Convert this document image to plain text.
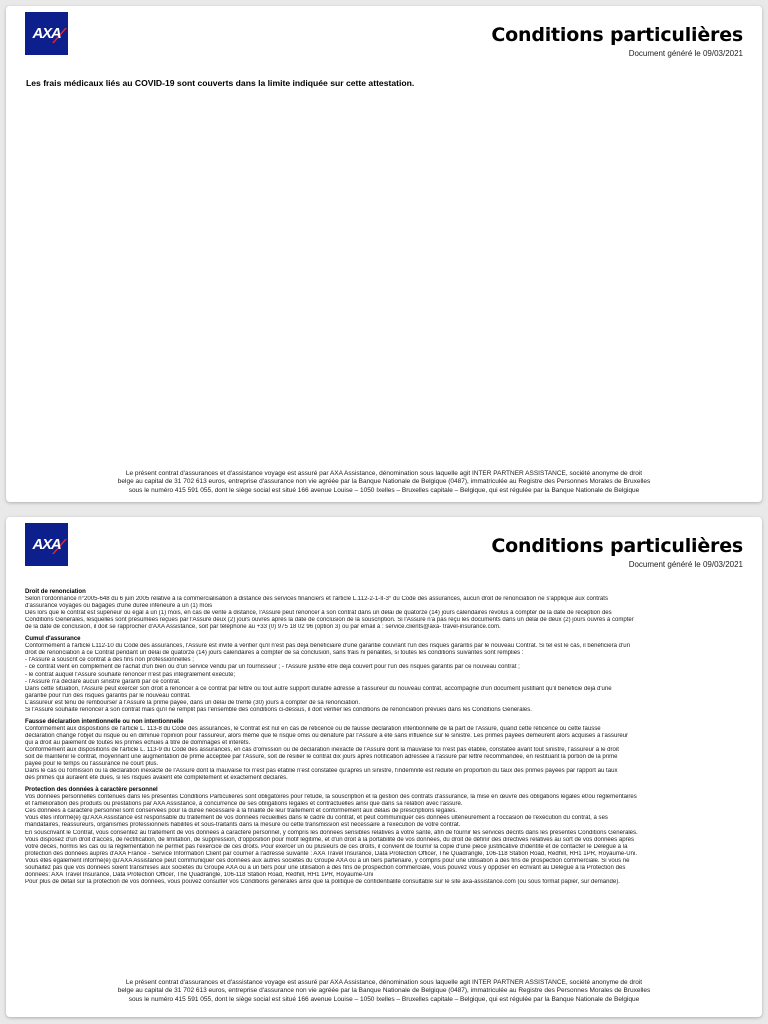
AXA	Conditions particulières
Document généré le 09/03/2021
Les frais médicaux liés au COVID-19 sont couverts dans la limite indiquée sur cette attestation.
Le présent contrat d'assurances et d'assistance voyage est assuré par AXA Assistance, dénomination sous laquelle agit INTER PARTNER ASSISTANCE, société anonyme de droit
belge au capital de 31 702 613 euros, entreprise d'assurance non vie agréée par la Banque Nationale de Belgique (0487), immatriculée au Registre des Personnes Morales de Bruxelles
sous le numéro 415 591 055, dont le siège social est situé 166 avenue Louise – 1050 Ixelles – Bruxelles capitale – Belgique, qui est régulée par la Banque Nationale de Belgique
AXA	Conditions particulières
Document généré le 09/03/2021
Droit de renonciation
Selon l'ordonnance n°2005-648 du 6 juin 2005 relative à la commercialisation à distance des services financiers et l'article L.112-2-1-II-3° du Code des assurances, aucun droit de renonciation ne s'applique aux contrats
d'assurance voyages ou bagages d'une durée inférieure à un (1) mois
Dès lors que le contrat est supérieur ou égal à un (1) mois, en cas de vente à distance, l'Assuré peut renoncer à son contrat dans un délai de quatorze (14) jours calendaires révolus à compter de la date de réception des
Conditions Générales, lesquelles sont présumées reçues par l'Assuré deux (2) jours ouvrés après la date de conclusion de la souscription. Si l'Assuré n'a pas reçu les documents dans un délai de deux (2) jours ouvrés à compter
de la date de conclusion, il doit se rapprocher d'AXA Assistance, soit par téléphone au +33 (0) 975 18 02 96 (option 3) ou par email à : service.clients@axa- travel-insurance.com.
Cumul d'assurance
Conformément à l'article L112-10 du Code des assurances, l'Assuré est invité à vérifier qu'il n'est pas déjà bénéficiaire d'une garantie couvrant l'un des risques garantis par le nouveau Contrat. Si tel est le cas, il bénéficiera d'un
droit de renonciation à ce Contrat pendant un délai de quatorze (14) jours calendaires à compter de sa conclusion, sans frais ni pénalités, si toutes les conditions suivantes sont remplies :
- l'Assuré a souscrit ce contrat à des fins non professionnelles ;
- ce contrat vient en complément de l'achat d'un bien ou d'un service vendu par un fournisseur ; - l'Assuré justifie être déjà couvert pour l'un des risques garantis par ce nouveau contrat ;
- le contrat auquel l'Assuré souhaite renoncer n'est pas intégralement exécuté;
- l'Assuré n'a déclaré aucun sinistre garanti par ce contrat.
Dans cette situation, l'Assuré peut exercer son droit à renoncer à ce contrat par lettre ou tout autre support durable adressé à l'assureur du nouveau contrat, accompagné d'un document justifiant qu'il bénéficie déjà d'une
garantie pour l'un des risques garantis par le nouveau contrat.
L'assureur est tenu de rembourser à l'Assuré la prime payée, dans un délai de trente (30) jours à compter de sa renonciation.
Si l'Assuré souhaite renoncer à son contrat mais qu'il ne remplit pas l'ensemble des conditions ci-dessus, il doit vérifier les conditions de renonciation prévues dans les Conditions Générales.
Fausse déclaration intentionnelle ou non intentionnelle
Conformément aux dispositions de l'article L. 113-8 du Code des assurances, le Contrat est nul en cas de réticence ou de fausse déclaration intentionnelle de la part de l'Assuré, quand cette réticence ou cette fausse
déclaration change l'objet du risque ou en diminue l'opinion pour l'assureur, alors même que le risque omis ou dénaturé par l'Assuré a été sans influence sur le sinistre. Les primes payées demeurent alors acquises à l'assureur
qui a droit au paiement de toutes les primes échues à titre de dommages et intérêts.
Conformément aux dispositions de l'article L. 113-9 du Code des assurances, en cas d'omission ou de déclaration inexacte de l'Assuré dont la mauvaise foi n'est pas établie, constatée avant tout sinistre, l'assureur a le droit
soit de maintenir le contrat, moyennant une augmentation de prime acceptée par l'Assuré, soit de résilier le contrat dix jours après notification adressée à l'assuré par lettre recommandée, en restituant la portion de la prime
payée pour le temps où l'assurance ne court plus.
Dans le cas où l'omission ou la déclaration inexacte de l'Assuré dont la mauvaise foi n'est pas établie n'est constatée qu'après un sinistre, l'indemnité est réduite en proportion du taux des primes payées par rapport au taux
des primes qui auraient été dues, si les risques avaient été complètement et exactement déclarés.
Protection des données à caractère personnel
Vos données personnelles contenues dans les présentes Conditions Particulières sont obligatoires pour l'étude, la souscription et la gestion des contrats d'assurance, la mise en œuvre des obligations légales et/ou réglementaires
et l'amélioration des produits ou prestations par AXA Assistance, à concurrence de ses obligations légales et contractuelles ainsi que dans sa relation avec l'assuré.
Ces données à caractère personnel sont conservées pour la durée nécessaire à la finalité de leur traitement et conformément aux délais de prescriptions légales.
Vous êtes informé(e) qu'AXA Assistance est responsable du traitement de vos données recueillies dans le cadre du contrat, et peut communiquer ces données ultérieurement à l'occasion de l'exécution du contrat, à ses
mandataires, réassureurs, organismes professionnels habilités et sous-traitants dans la mesure où cette transmission est nécessaire à l'exécution de votre contrat.
En souscrivant le Contrat, vous consentez au traitement de vos données à caractère personnel, y compris les données sensibles relatives à votre santé, afin de fournir les services décrits dans les présentes Conditions Générales.
Vous disposez d'un droit d'accès, de rectification, de limitation, de suppression, d'opposition pour motif légitime, et d'un droit à la portabilité de vos données, du droit de définir des directives relatives au sort de vos données après
votre décès, hormis les cas où la réglementation ne permet pas l'exercice de ces droits. Pour exercer un ou plusieurs de ces droits, il convient de fournir la copie d'une pièce justificative d'identité et de contacter le Délégué à la
protection des données auprès d'AXA France - Service Information Client par courrier à l'adresse suivante : AXA Travel Insurance, Data Protection Officer, The Quadrangle, 106-118 Station Road, Redhill, RH1 1PR, Royaume-Uni.
Vous êtes également informé(e) qu'AXA Assistance peut communiquer ces données aux autres sociétés du Groupe AXA ou à un tiers partenaire, y compris pour une utilisation à des fins de prospection commerciale. Si vous ne
souhaitez pas que vos données soient transmises aux sociétés du Groupe AXA ou à un tiers pour une utilisation à des fins de prospection commerciale, vous pouvez vous y opposer en écrivant au Délégué à la Protection des
données: AXA Travel Insurance, Data Protection Officer, The Quadrangle, 106-118 Station Road, Redhill, RH1 1PR, Royaume-Uni
Pour plus de détail sur la protection de vos données, vous pouvez consulter vos Conditions générales ainsi que la politique de confidentialité consultable sur le site axa-assistance.com (ou sous format papier, sur demande).
Le présent contrat d'assurances et d'assistance voyage est assuré par AXA Assistance, dénomination sous laquelle agit INTER PARTNER ASSISTANCE, société anonyme de droit
belge au capital de 31 702 613 euros, entreprise d'assurance non vie agréée par la Banque Nationale de Belgique (0487), immatriculée au Registre des Personnes Morales de Bruxelles
sous le numéro 415 591 055, dont le siège social est situé 166 avenue Louise – 1050 Ixelles – Bruxelles capitale – Belgique, qui est régulée par la Banque Nationale de Belgique
